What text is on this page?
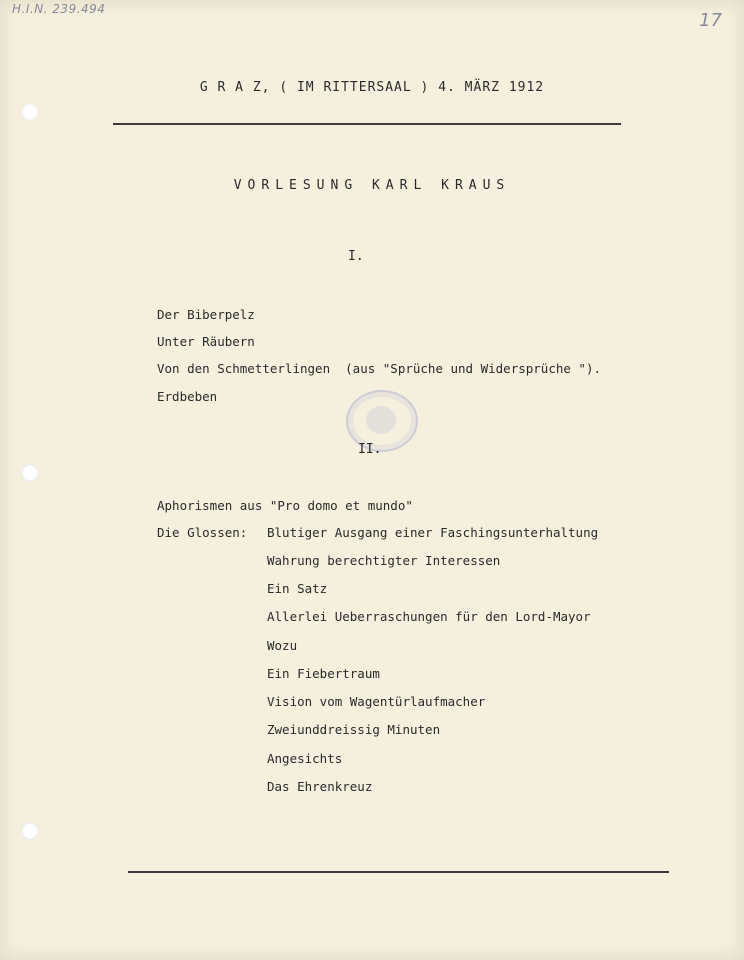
H.I.N. 239.494
17
G R A Z, ( IM RITTERSAAL ) 4. MÄRZ 1912
VORLESUNG KARL KRAUS
I.
Der Biberpelz
Unter Räubern
Von den Schmetterlingen  (aus "Sprüche und Widersprüche ").
Erdbeben
II.
Aphorismen aus "Pro domo et mundo"
Die Glossen: Blutiger Ausgang einer Faschingsunterhaltung
Wahrung berechtigter Interessen
Ein Satz
Allerlei Ueberraschungen für den Lord-Mayor
Wozu
Ein Fiebertraum
Vision vom Wagentürlaufmacher
Zweiunddreissig Minuten
Angesichts
Das Ehrenkreuz
